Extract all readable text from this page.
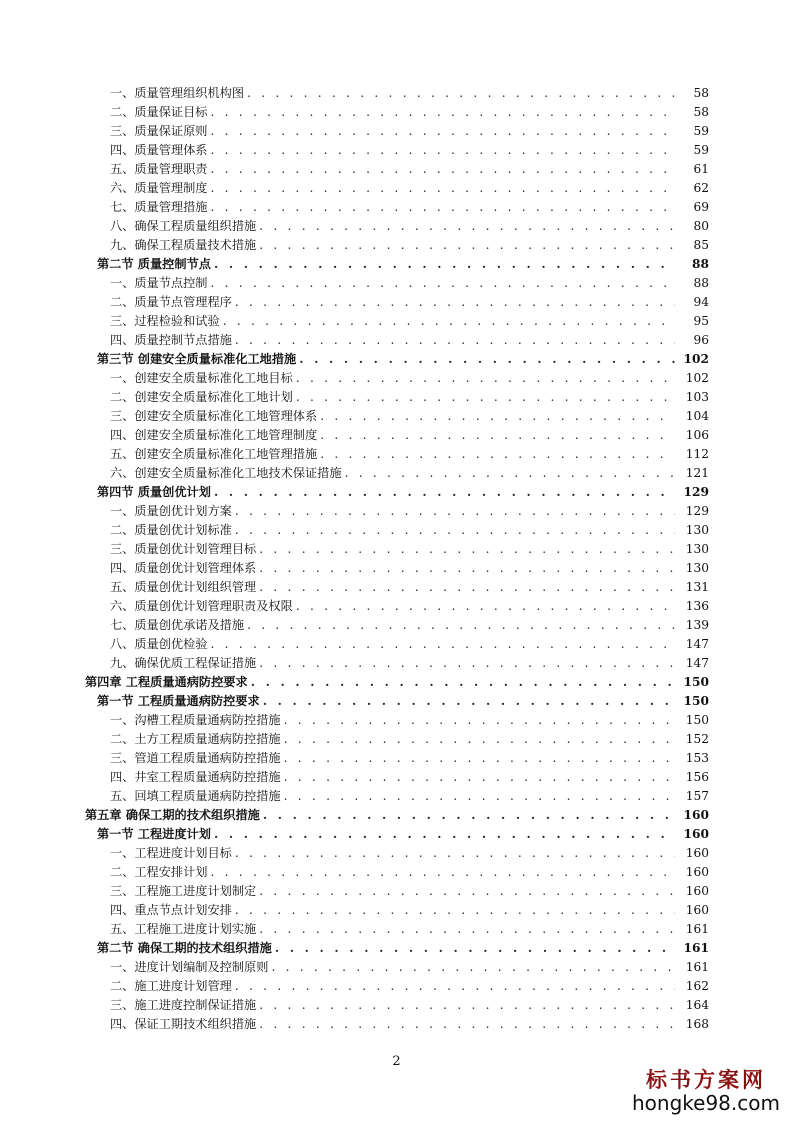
一、质量管理组织机构图 . . .	58
二、质量保证目标 . . .	58
三、质量保证原则 . . .	59
四、质量管理体系 . . .	59
五、质量管理职责 . . .	61
六、质量管理制度 . . .	62
七、质量管理措施 . . .	69
八、确保工程质量组织措施 . . .	80
九、确保工程质量技术措施 . . .	85
第二节 质量控制节点 . . .	88
一、质量节点控制 . . .	88
二、质量节点管理程序 . . .	94
三、过程检验和试验 . . .	95
四、质量控制节点措施 . . .	96
第三节 创建安全质量标准化工地措施 . . .	102
一、创建安全质量标准化工地目标 . . .	102
二、创建安全质量标准化工地计划 . . .	103
三、创建安全质量标准化工地管理体系 . . .	104
四、创建安全质量标准化工地管理制度 . . .	106
五、创建安全质量标准化工地管理措施 . . .	112
六、创建安全质量标准化工地技术保证措施 . . .	121
第四节 质量创优计划 . . .	129
一、质量创优计划方案 . . .	129
二、质量创优计划标准 . . .	130
三、质量创优计划管理目标 . . .	130
四、质量创优计划管理体系 . . .	130
五、质量创优计划组织管理 . . .	131
六、质量创优计划管理职责及权限 . . .	136
七、质量创优承诺及措施 . . .	139
八、质量创优检验 . . .	147
九、确保优质工程保证措施 . . .	147
第四章 工程质量通病防控要求 . . .	150
第一节 工程质量通病防控要求 . . .	150
一、沟槽工程质量通病防控措施 . . .	150
二、土方工程质量通病防控措施 . . .	152
三、管道工程质量通病防控措施 . . .	153
四、井室工程质量通病防控措施 . . .	156
五、回填工程质量通病防控措施 . . .	157
第五章 确保工期的技术组织措施 . . .	160
第一节 工程进度计划 . . .	160
一、工程进度计划目标 . . .	160
二、工程安排计划 . . .	160
三、工程施工进度计划制定 . . .	160
四、重点节点计划安排 . . .	160
五、工程施工进度计划实施 . . .	161
第二节 确保工期的技术组织措施 . . .	161
一、进度计划编制及控制原则 . . .	161
二、施工进度计划管理 . . .	162
三、施工进度控制保证措施 . . .	164
四、保证工期技术组织措施 . . .	168
2
标书方案网
hongke98.com
